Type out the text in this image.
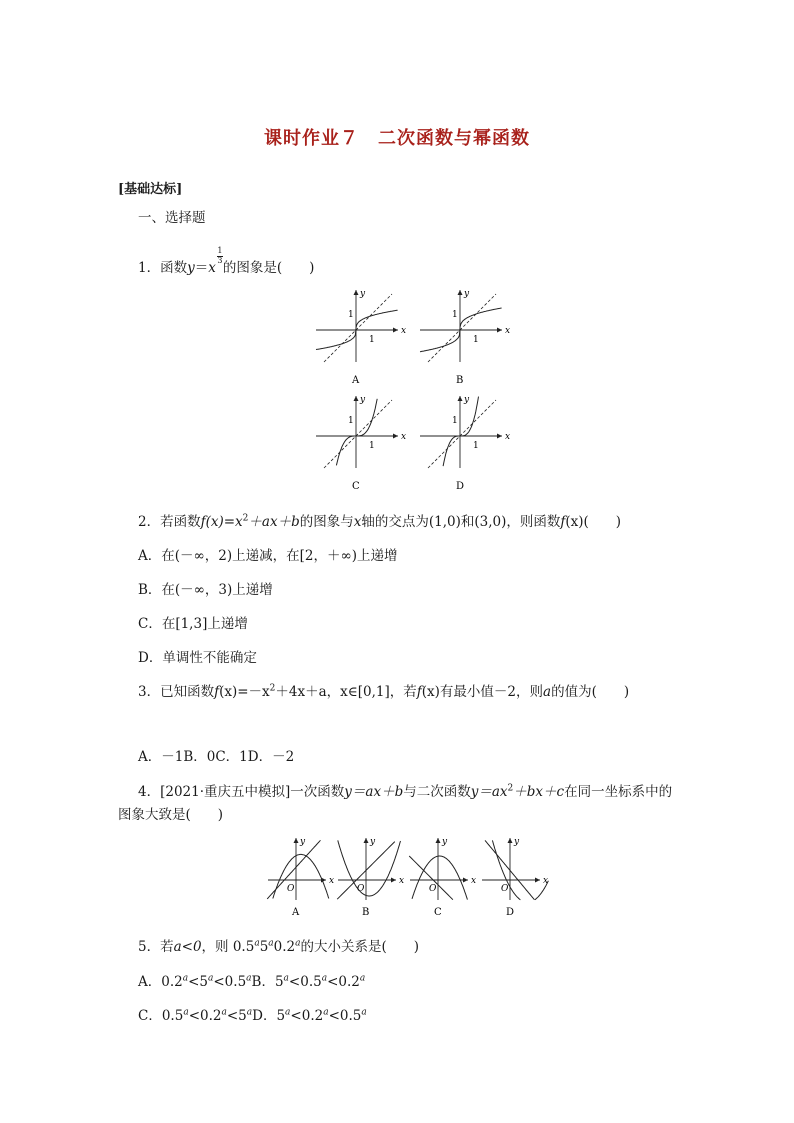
课时作业７　二次函数与幂函数
[基础达标]
一、选择题
1．函数y＝x
$\frac{1}{3}$
的图象是(　　)
x
y
1
1
A
x
y
1
1
B
x
y
1
1
C
x
y
1
1
D
2．若函数$f(x)=x^2+ax+b$的图象与x轴的交点为(1,0)和(3,0)，则函数f(x)(　　)
A．在(－∞，2)上递减，在[2，＋∞)上递增
B．在(－∞，3)上递增
C．在[1,3]上递增
D．单调性不能确定
3．已知函数$f(x)=-x^2+4x+a$，x∈[0,1]，若f(x)有最小值－2，则a的值为(　　)
A．－1B．0C．1D．－2
4．[2021·重庆五中模拟]一次函数y＝ax＋b与二次函数$y=ax^2+bx+c$在同一坐标系中的
图象大致是(　　)
x
y
O
A
x
y
O
B
x
y
O
C
x
y
O
D
5．若a<0，则 0.5$^a$5$^a$0.2$^a$的大小关系是(　　)
A．$0.2^a<5^a<0.5^aB$．$5^a<0.5^a<0.2^a$
C．$0.5^a<0.2^a<5^aD$．$5^a<0.2^a<0.5^a$
